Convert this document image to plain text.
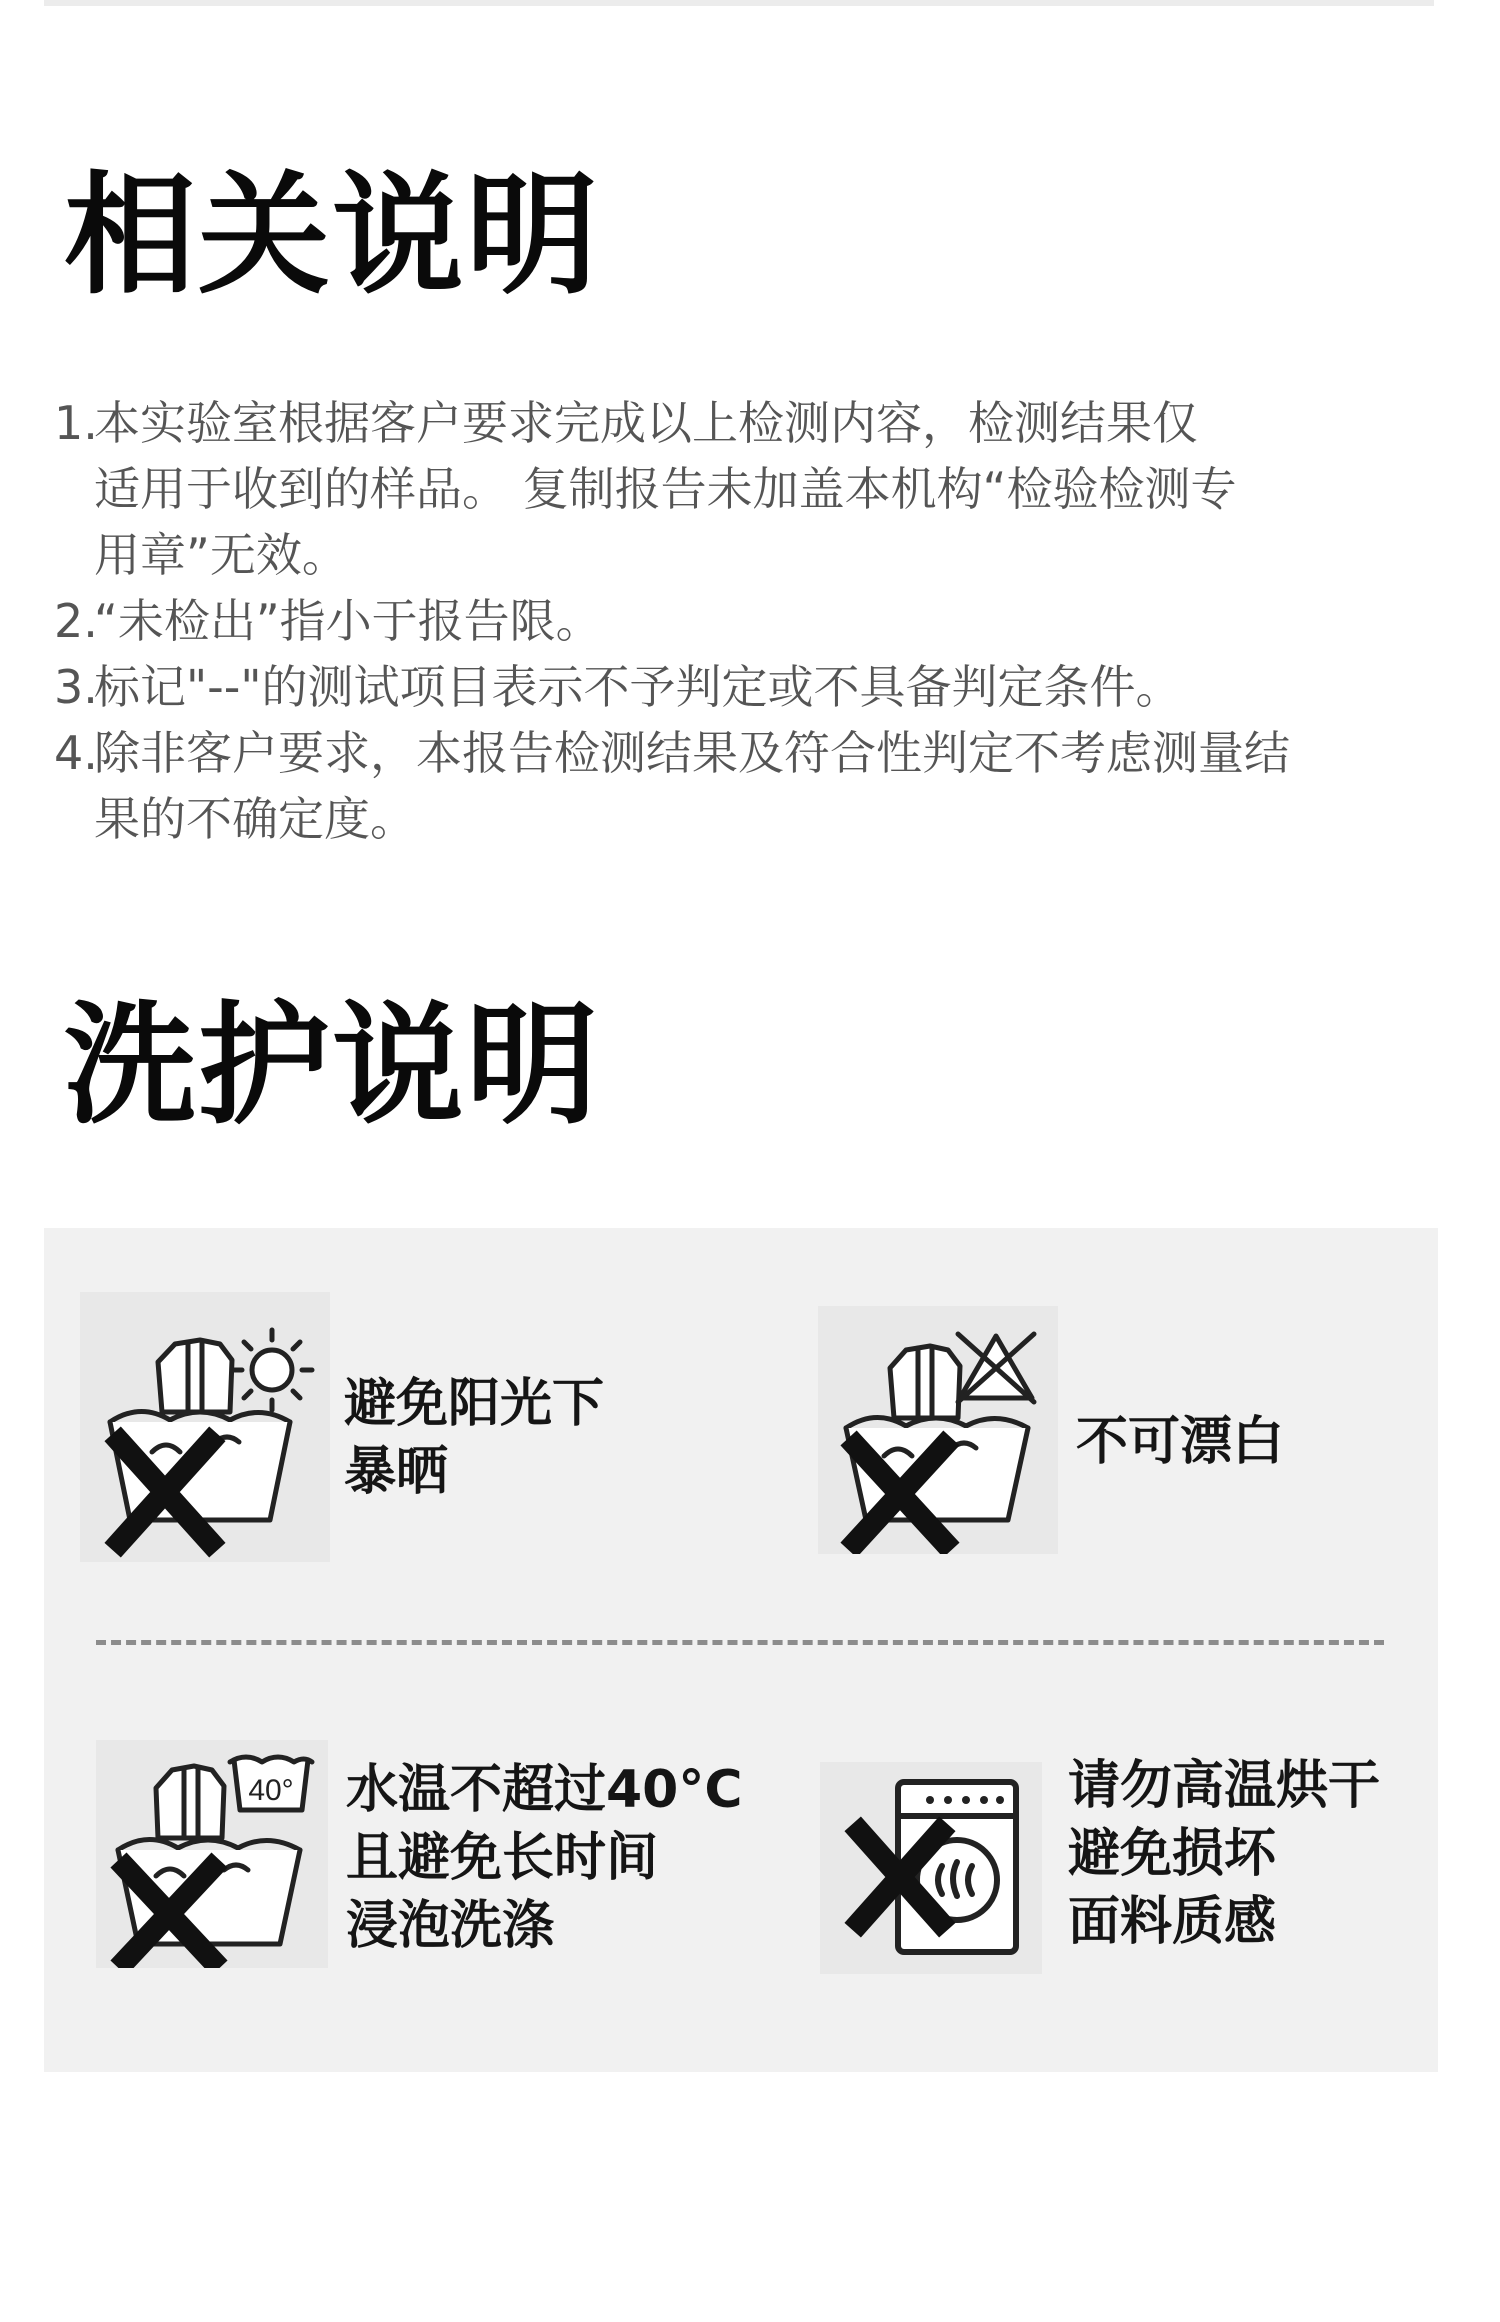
相关说明
1.
本实验室根据客户要求完成以上检测内容，检测结果仅
适用于收到的样品。 复制报告未加盖本机构“检验检测专
用章”无效。
2.
“未检出”指小于报告限。
3.
标记"--"的测试项目表示不予判定或不具备判定条件。
4.
除非客户要求，本报告检测结果及符合性判定不考虑测量结
果的不确定度。
洗护说明

避免阳光下
暴晒	不可漂白

40° 水温不超过40°C
且避免长时间
浸泡洗涤

请勿高温烘干
避免损坏
面料质感
